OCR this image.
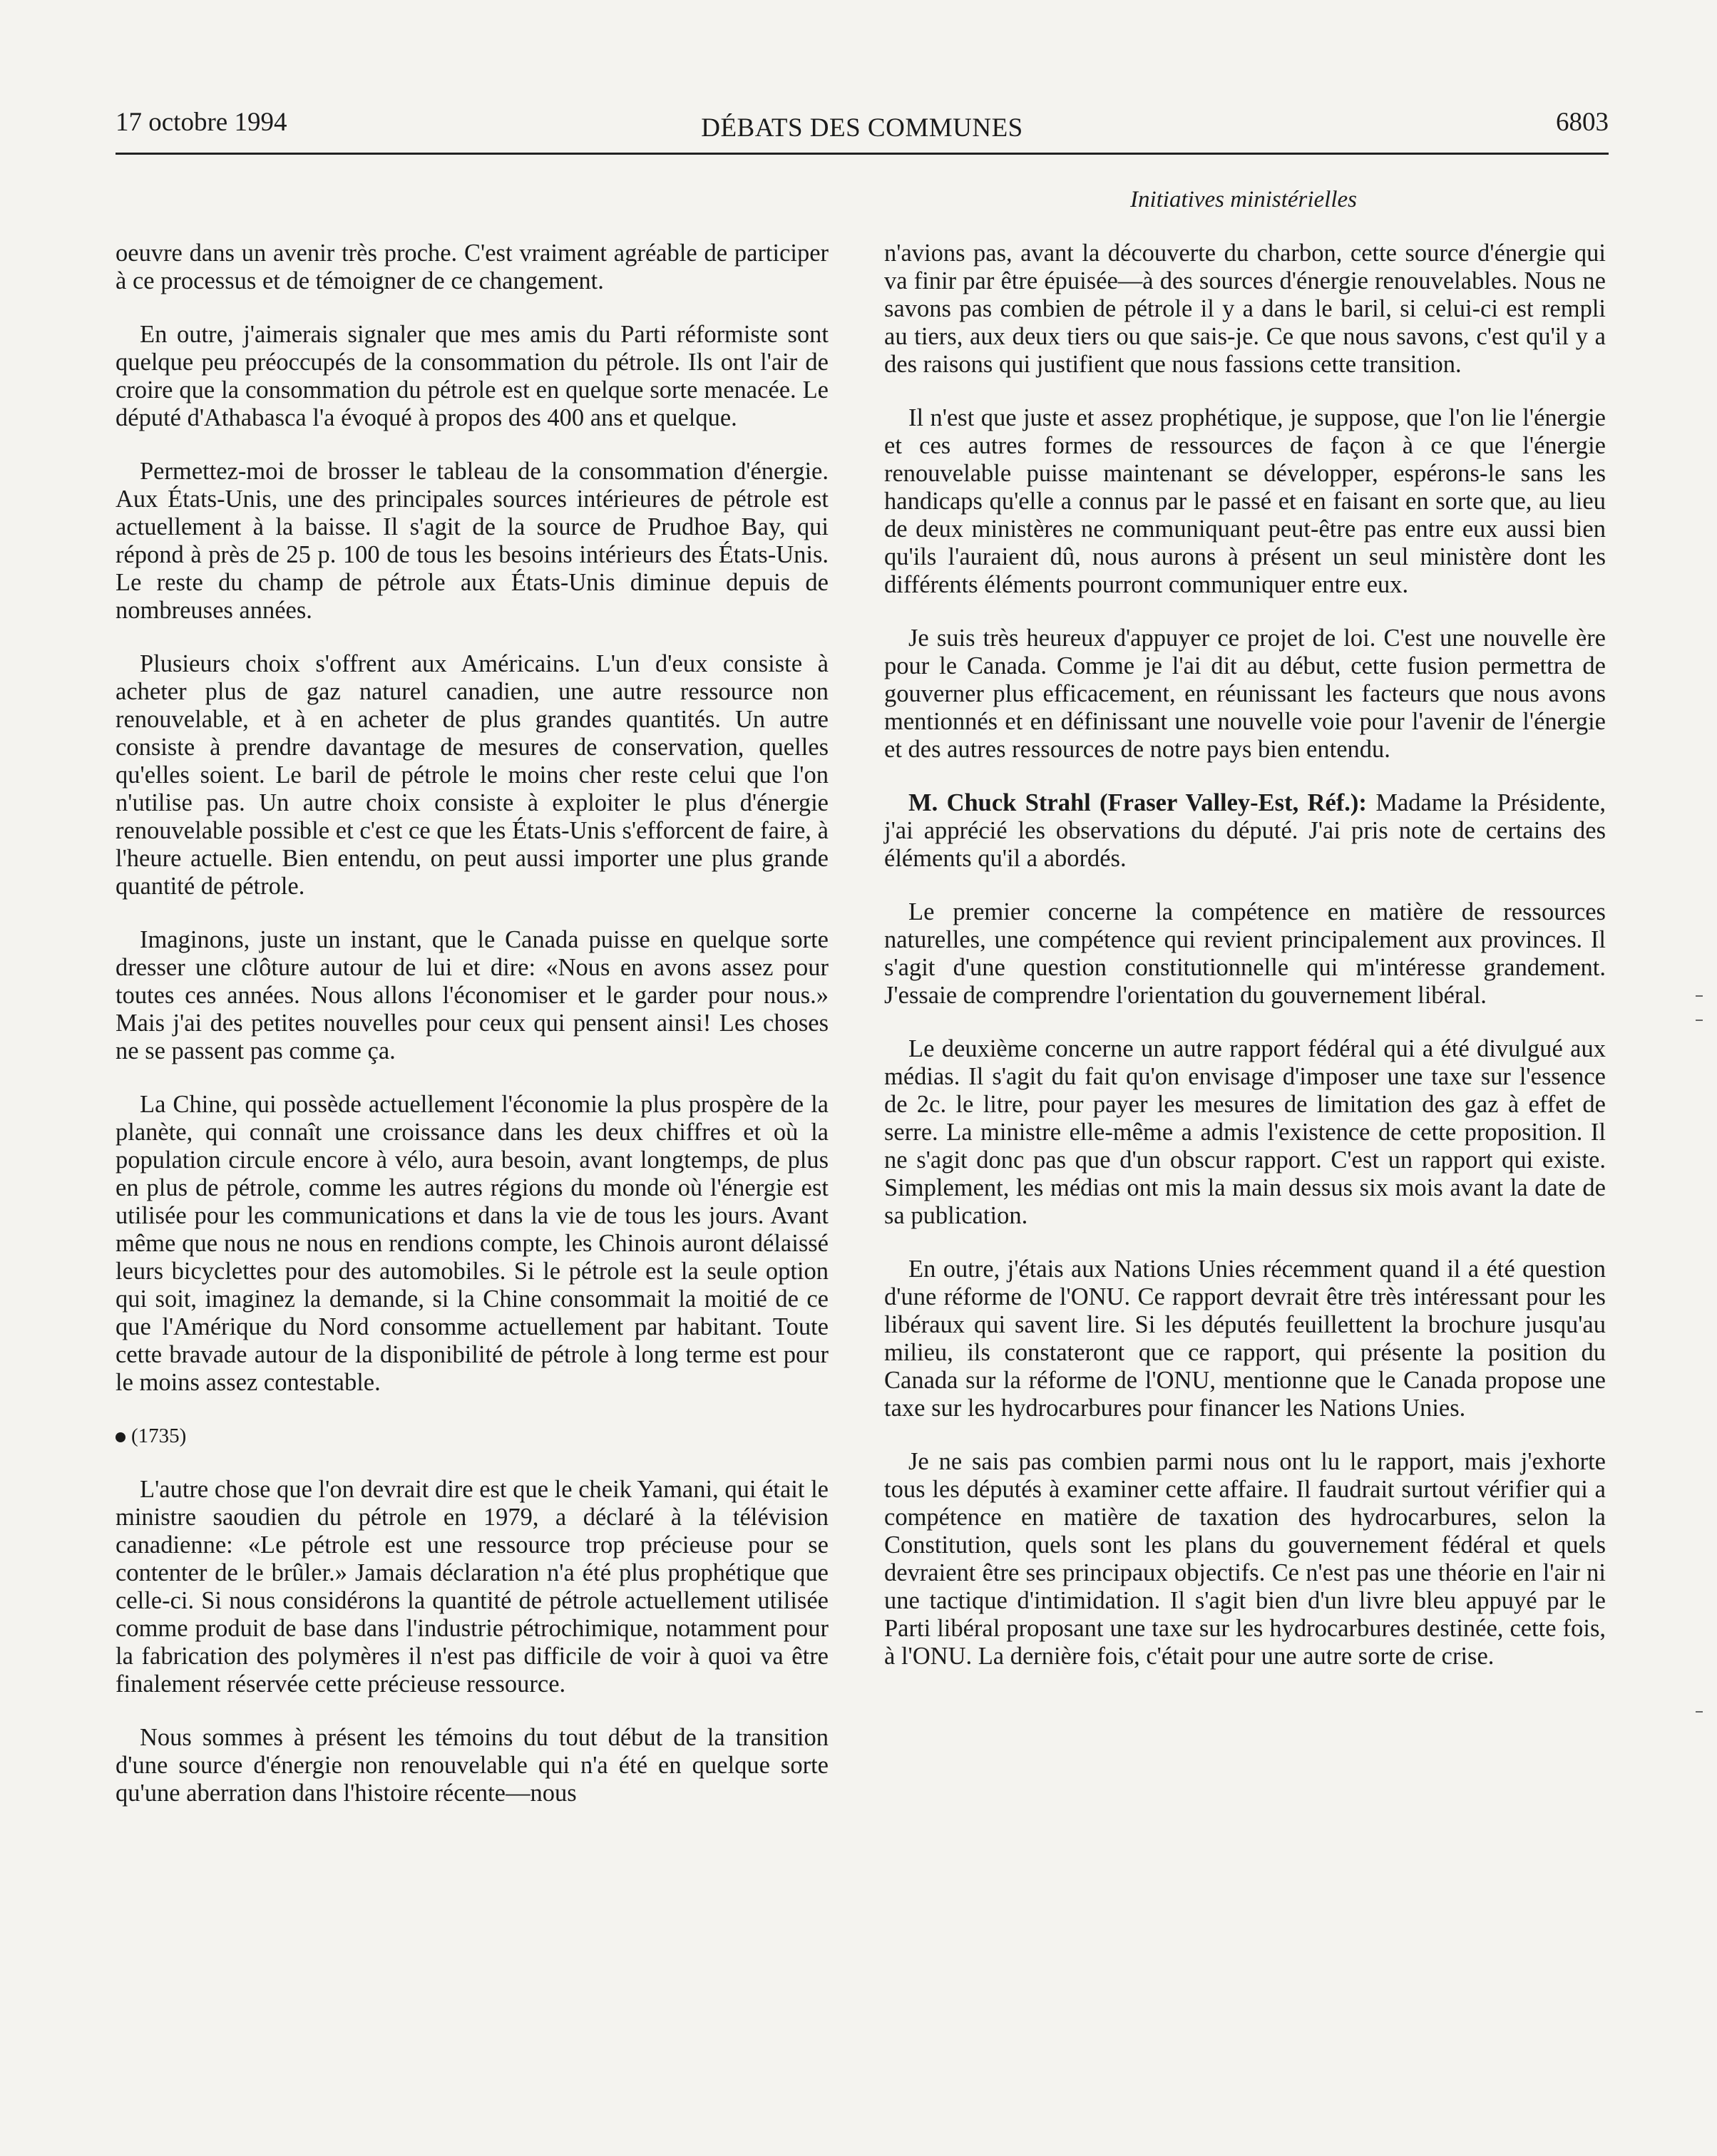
17 octobre 1994	DÉBATS DES COMMUNES	6803
Initiatives ministérielles

oeuvre dans un avenir très proche. C'est vraiment agréable de participer à ce processus et de témoigner de ce changement.

En outre, j'aimerais signaler que mes amis du Parti réformiste sont quelque peu préoccupés de la consommation du pétrole. Ils ont l'air de croire que la consommation du pétrole est en quelque sorte menacée. Le député d'Athabasca l'a évoqué à propos des 400 ans et quelque.

Permettez-moi de brosser le tableau de la consommation d'énergie. Aux États-Unis, une des principales sources intérieures de pétrole est actuellement à la baisse. Il s'agit de la source de Prudhoe Bay, qui répond à près de 25 p. 100 de tous les besoins intérieurs des États-Unis. Le reste du champ de pétrole aux États-Unis diminue depuis de nombreuses années.

Plusieurs choix s'offrent aux Américains. L'un d'eux consiste à acheter plus de gaz naturel canadien, une autre ressource non renouvelable, et à en acheter de plus grandes quantités. Un autre consiste à prendre davantage de mesures de conservation, quelles qu'elles soient. Le baril de pétrole le moins cher reste celui que l'on n'utilise pas. Un autre choix consiste à exploiter le plus d'énergie renouvelable possible et c'est ce que les États-Unis s'efforcent de faire, à l'heure actuelle. Bien entendu, on peut aussi importer une plus grande quantité de pétrole.

Imaginons, juste un instant, que le Canada puisse en quelque sorte dresser une clôture autour de lui et dire: «Nous en avons assez pour toutes ces années. Nous allons l'économiser et le garder pour nous.» Mais j'ai des petites nouvelles pour ceux qui pensent ainsi! Les choses ne se passent pas comme ça.

La Chine, qui possède actuellement l'économie la plus prospère de la planète, qui connaît une croissance dans les deux chiffres et où la population circule encore à vélo, aura besoin, avant longtemps, de plus en plus de pétrole, comme les autres régions du monde où l'énergie est utilisée pour les communications et dans la vie de tous les jours. Avant même que nous ne nous en rendions compte, les Chinois auront délaissé leurs bicyclettes pour des automobiles. Si le pétrole est la seule option qui soit, imaginez la demande, si la Chine consommait la moitié de ce que l'Amérique du Nord consomme actuellement par habitant. Toute cette bravade autour de la disponibilité de pétrole à long terme est pour le moins assez contestable.

(1735)

L'autre chose que l'on devrait dire est que le cheik Yamani, qui était le ministre saoudien du pétrole en 1979, a déclaré à la télévision canadienne: «Le pétrole est une ressource trop précieuse pour se contenter de le brûler.» Jamais déclaration n'a été plus prophétique que celle-ci. Si nous considérons la quantité de pétrole actuellement utilisée comme produit de base dans l'industrie pétrochimique, notamment pour la fabrication des polymères il n'est pas difficile de voir à quoi va être finalement réservée cette précieuse ressource.

Nous sommes à présent les témoins du tout début de la transition d'une source d'énergie non renouvelable qui n'a été en quelque sorte qu'une aberration dans l'histoire récente—nous

n'avions pas, avant la découverte du charbon, cette source d'énergie qui va finir par être épuisée—à des sources d'énergie renouvelables. Nous ne savons pas combien de pétrole il y a dans le baril, si celui-ci est rempli au tiers, aux deux tiers ou que sais-je. Ce que nous savons, c'est qu'il y a des raisons qui justifient que nous fassions cette transition.

Il n'est que juste et assez prophétique, je suppose, que l'on lie l'énergie et ces autres formes de ressources de façon à ce que l'énergie renouvelable puisse maintenant se développer, espérons-le sans les handicaps qu'elle a connus par le passé et en faisant en sorte que, au lieu de deux ministères ne communiquant peut-être pas entre eux aussi bien qu'ils l'auraient dû, nous aurons à présent un seul ministère dont les différents éléments pourront communiquer entre eux.

Je suis très heureux d'appuyer ce projet de loi. C'est une nouvelle ère pour le Canada. Comme je l'ai dit au début, cette fusion permettra de gouverner plus efficacement, en réunissant les facteurs que nous avons mentionnés et en définissant une nouvelle voie pour l'avenir de l'énergie et des autres ressources de notre pays bien entendu.

M. Chuck Strahl (Fraser Valley-Est, Réf.): Madame la Présidente, j'ai apprécié les observations du député. J'ai pris note de certains des éléments qu'il a abordés.

Le premier concerne la compétence en matière de ressources naturelles, une compétence qui revient principalement aux provinces. Il s'agit d'une question constitutionnelle qui m'intéresse grandement. J'essaie de comprendre l'orientation du gouvernement libéral.

Le deuxième concerne un autre rapport fédéral qui a été divulgué aux médias. Il s'agit du fait qu'on envisage d'imposer une taxe sur l'essence de 2c. le litre, pour payer les mesures de limitation des gaz à effet de serre. La ministre elle-même a admis l'existence de cette proposition. Il ne s'agit donc pas que d'un obscur rapport. C'est un rapport qui existe. Simplement, les médias ont mis la main dessus six mois avant la date de sa publication.

En outre, j'étais aux Nations Unies récemment quand il a été question d'une réforme de l'ONU. Ce rapport devrait être très intéressant pour les libéraux qui savent lire. Si les députés feuillettent la brochure jusqu'au milieu, ils constateront que ce rapport, qui présente la position du Canada sur la réforme de l'ONU, mentionne que le Canada propose une taxe sur les hydrocarbures pour financer les Nations Unies.

Je ne sais pas combien parmi nous ont lu le rapport, mais j'exhorte tous les députés à examiner cette affaire. Il faudrait surtout vérifier qui a compétence en matière de taxation des hydrocarbures, selon la Constitution, quels sont les plans du gouvernement fédéral et quels devraient être ses principaux objectifs. Ce n'est pas une théorie en l'air ni une tactique d'intimidation. Il s'agit bien d'un livre bleu appuyé par le Parti libéral proposant une taxe sur les hydrocarbures destinée, cette fois, à l'ONU. La dernière fois, c'était pour une autre sorte de crise.
